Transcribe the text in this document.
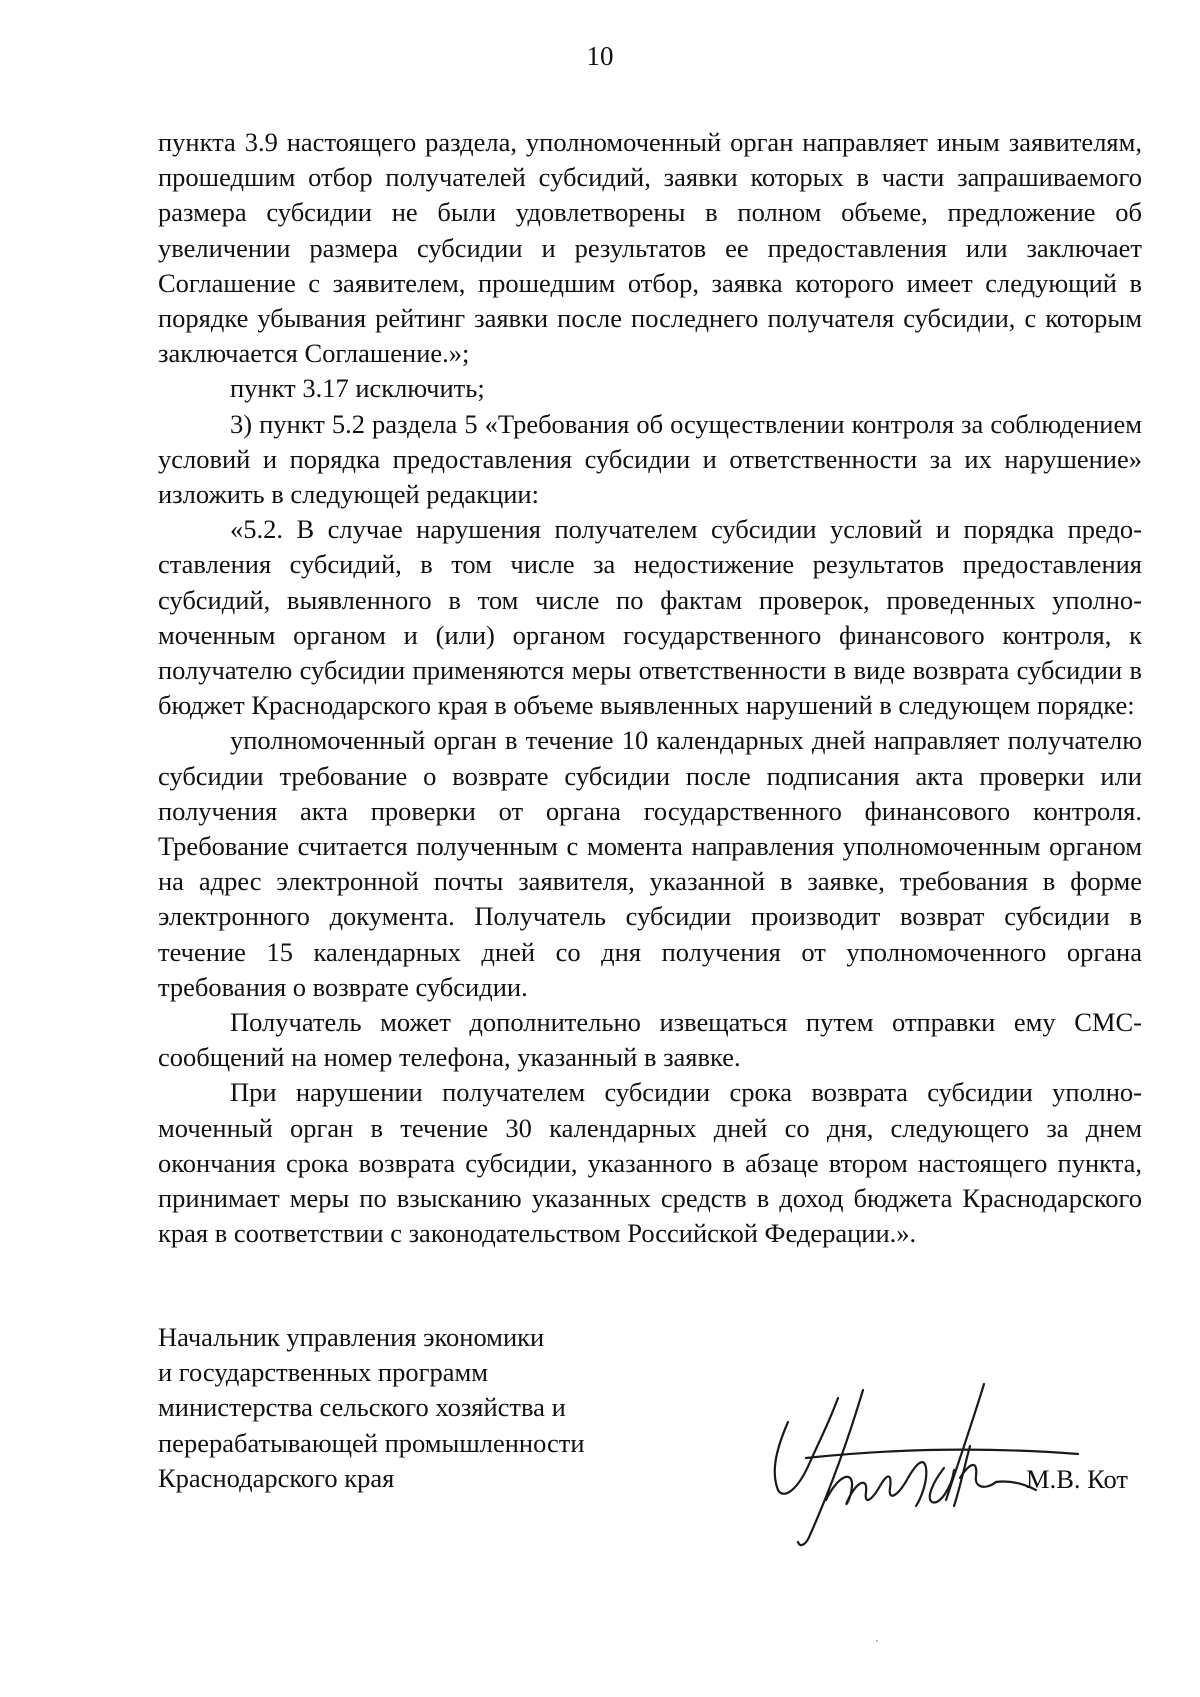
10

пункта 3.9 настоящего раздела, уполномоченный орган направляет иным заявителям, прошедшим отбор получателей субсидий, заявки которых в части запрашиваемого размера субсидии не были удовлетворены в полном объеме, предложение об увеличении размера субсидии и результатов ее предоставления или заключает Соглашение с заявителем, прошедшим отбор, заявка которого имеет следующий в порядке убывания рейтинг заявки после последнего получателя субсидии, с которым заключается Соглашение.»;

пункт 3.17 исключить;

3) пункт 5.2 раздела 5 «Требования об осуществлении контроля за соблюдением условий и порядка предоставления субсидии и ответственности за их нарушение» изложить в следующей редакции:

«5.2. В случае нарушения получателем субсидии условий и порядка предоставления субсидий, в том числе за недостижение результатов предоставления субсидий, выявленного в том числе по фактам проверок, проведенных уполномоченным органом и (или) органом государственного финансового контроля, к получателю субсидии применяются меры ответственности в виде возврата субсидии в бюджет Краснодарского края в объеме выявленных нарушений в следующем порядке:

уполномоченный орган в течение 10 календарных дней направляет получателю субсидии требование о возврате субсидии после подписания акта проверки или получения акта проверки от органа государственного финансового контроля. Требование считается полученным с момента направления уполномоченным органом на адрес электронной почты заявителя, указанной в заявке, требования в форме электронного документа. Получатель субсидии производит возврат субсидии в течение 15 календарных дней со дня получения от уполномоченного органа требования о возврате субсидии.

Получатель может дополнительно извещаться путем отправки ему СМС-сообщений на номер телефона, указанный в заявке.

При нарушении получателем субсидии срока возврата субсидии уполномоченный орган в течение 30 календарных дней со дня, следующего за днем окончания срока возврата субсидии, указанного в абзаце втором настоящего пункта, принимает меры по взысканию указанных средств в доход бюджета Краснодарского края в соответствии с законодательством Российской Федерации.».

Начальник управления экономики
и государственных программ
министерства сельского хозяйства и
перерабатывающей промышленности
Краснодарского края	М.В. Кот
